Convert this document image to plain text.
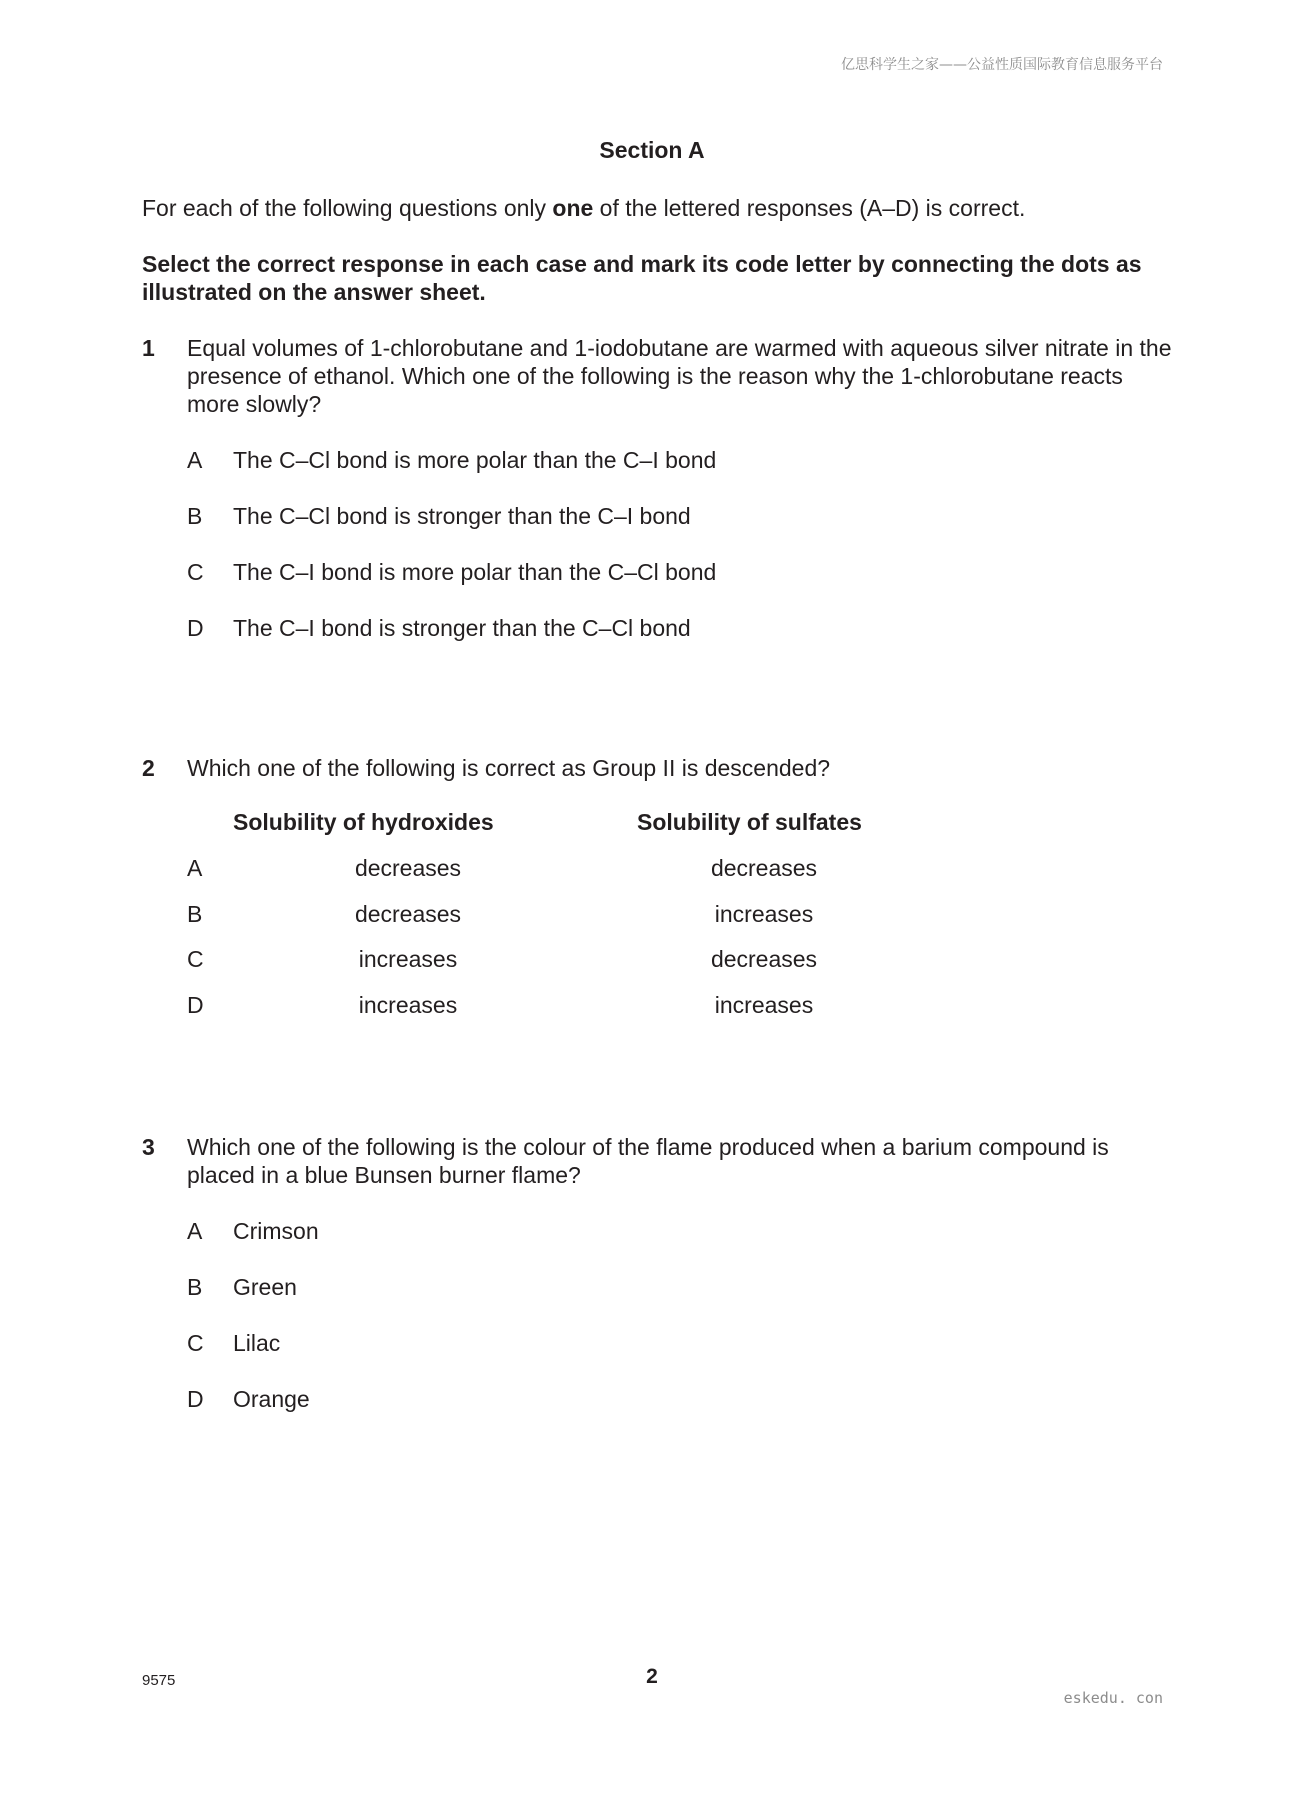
亿思科学生之家——公益性质国际教育信息服务平台
Section A
For each of the following questions only one of the lettered responses (A–D) is correct.
Select the correct response in each case and mark its code letter by connecting the dots as illustrated on the answer sheet.
1 Equal volumes of 1-chlorobutane and 1-iodobutane are warmed with aqueous silver nitrate in the presence of ethanol. Which one of the following is the reason why the 1-chlorobutane reacts more slowly?
A The C–Cl bond is more polar than the C–I bond
B The C–Cl bond is stronger than the C–I bond
C The C–I bond is more polar than the C–Cl bond
D The C–I bond is stronger than the C–Cl bond
2 Which one of the following is correct as Group II is descended?
Solubility of hydroxides	Solubility of sulfates
A	decreases	decreases
B	decreases	increases
C	increases	decreases
D	increases	increases
3 Which one of the following is the colour of the flame produced when a barium compound is placed in a blue Bunsen burner flame?
A Crimson
B Green
C Lilac
D Orange
9575	2
eskedu. con
